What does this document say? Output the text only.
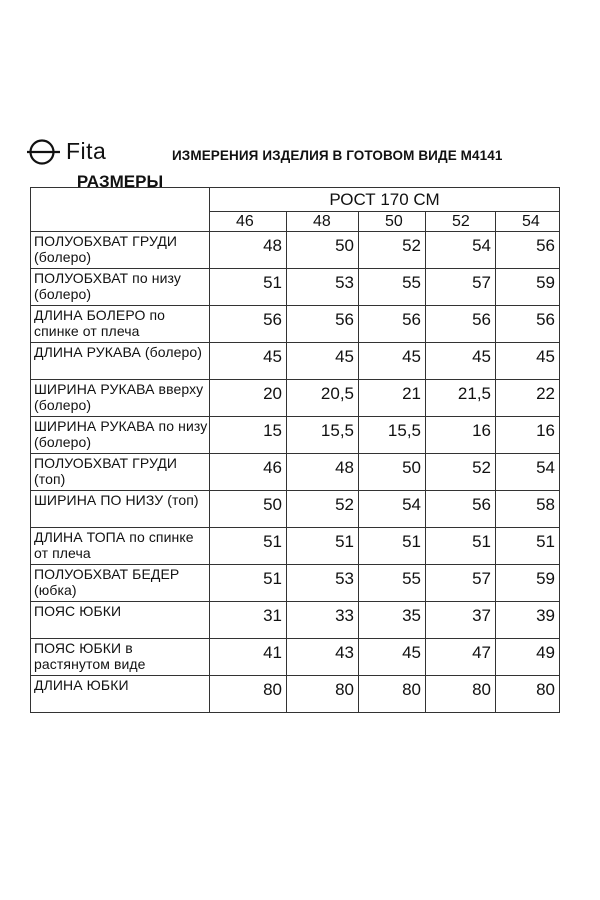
Fita	ИЗМЕРЕНИЯ ИЗДЕЛИЯ В ГОТОВОМ ВИДЕ M4141
РАЗМЕРЫ	РОСТ 170 СМ				
	46	48	50	52	54
ПОЛУОБХВАТ ГРУДИ (болеро)	48	50	52	54	56
ПОЛУОБХВАТ по низу (болеро)	51	53	55	57	59
ДЛИНА БОЛЕРО по спинке от плеча	56	56	56	56	56
ДЛИНА РУКАВА (болеро)	45	45	45	45	45
ШИРИНА РУКАВА вверху (болеро)	20	20,5	21	21,5	22
ШИРИНА РУКАВА по низу (болеро)	15	15,5	15,5	16	16
ПОЛУОБХВАТ ГРУДИ (топ)	46	48	50	52	54
ШИРИНА ПО НИЗУ (топ)	50	52	54	56	58
ДЛИНА ТОПА по спинке от плеча	51	51	51	51	51
ПОЛУОБХВАТ БЕДЕР (юбка)	51	53	55	57	59
ПОЯС ЮБКИ	31	33	35	37	39
ПОЯС ЮБКИ в растянутом виде	41	43	45	47	49
ДЛИНА ЮБКИ	80	80	80	80	80
